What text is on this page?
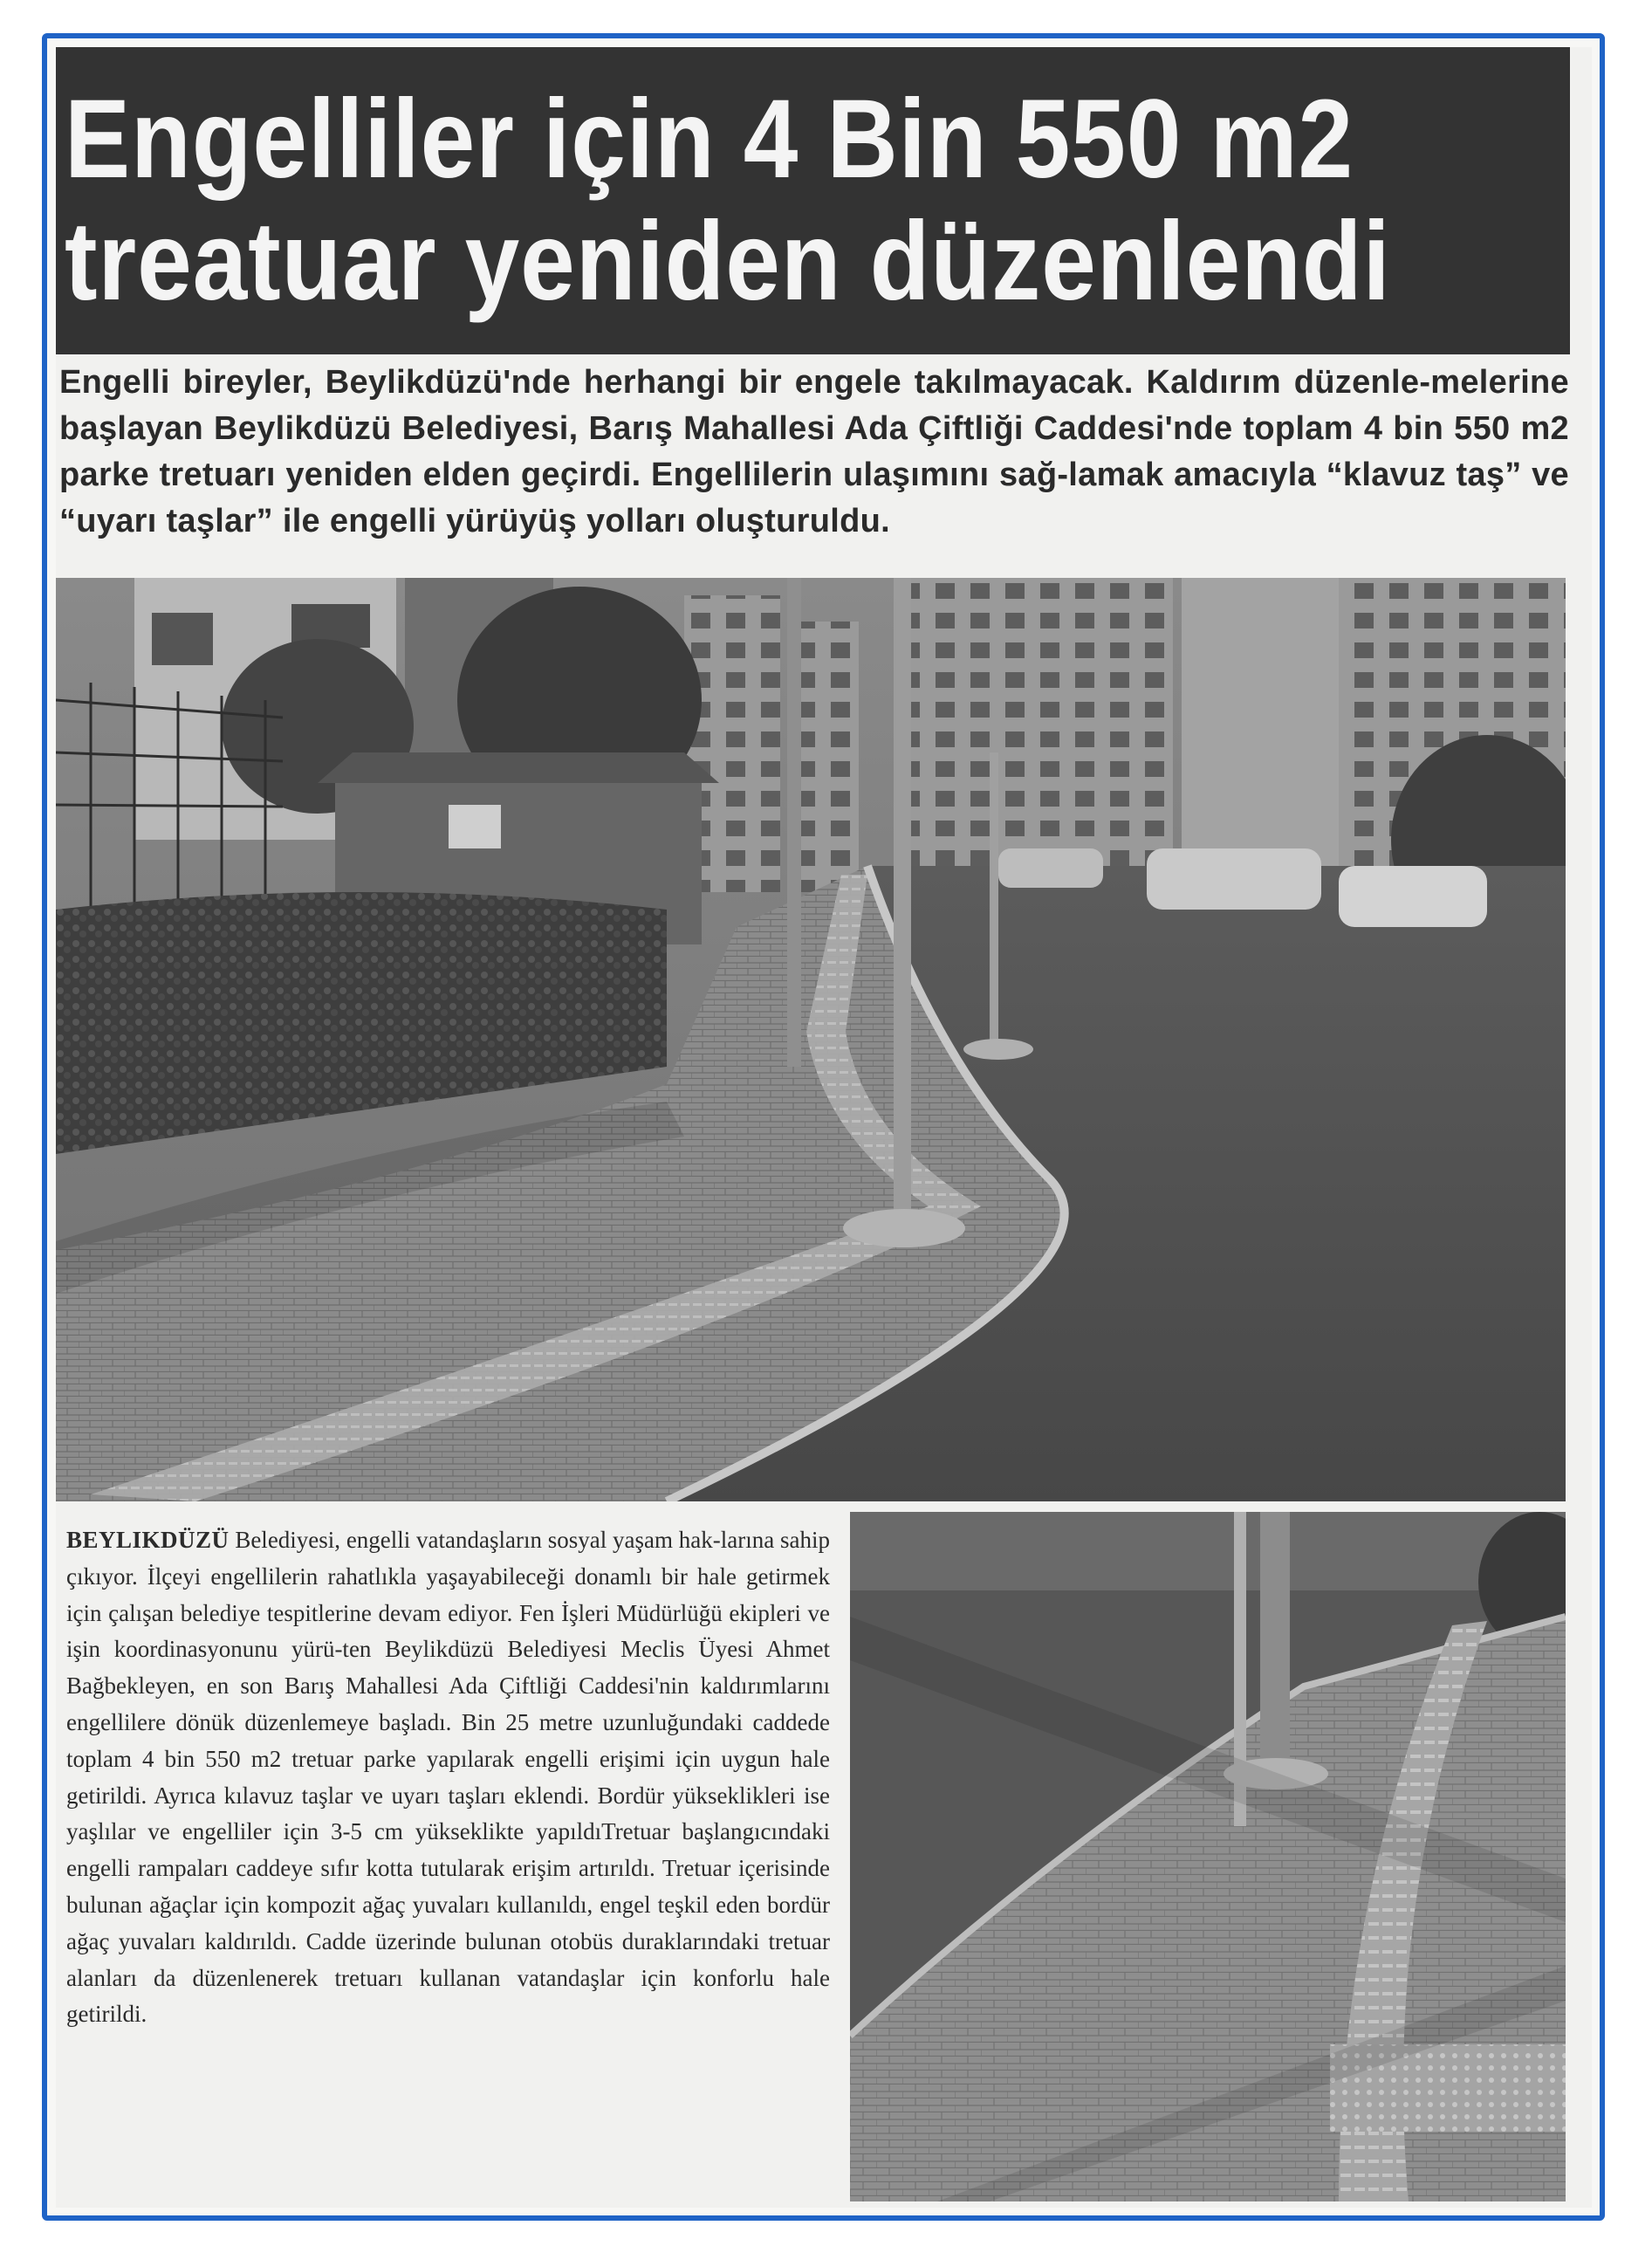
Engelliler için 4 Bin 550 m2
treatuar yeniden düzenlendi
Engelli bireyler, Beylikdüzü'nde herhangi bir engele takılmayacak. Kaldırım düzenle-melerine başlayan Beylikdüzü Belediyesi, Barış Mahallesi Ada Çiftliği Caddesi'nde toplam 4 bin 550 m2 parke tretuarı yeniden elden geçirdi. Engellilerin ulaşımını sağ-lamak amacıyla “klavuz taş” ve “uyarı taşlar” ile engelli yürüyüş yolları oluşturuldu.

BEYLIKDÜZÜ Belediyesi, engelli vatandaşların sosyal yaşam hak-larına sahip çıkıyor. İlçeyi engellilerin rahatlıkla yaşayabileceği donamlı bir hale getirmek için çalışan belediye tespitlerine devam ediyor. Fen İşleri Müdürlüğü ekipleri ve işin koordinasyonunu yürü-ten Beylikdüzü Belediyesi Meclis Üyesi Ahmet Bağbekleyen, en son Barış Mahallesi Ada Çiftliği Caddesi'nin kaldırımlarını engellilere dönük düzenlemeye başladı. Bin 25 metre uzunluğundaki caddede toplam 4 bin 550 m2 tretuar parke yapılarak engelli erişimi için uygun hale getirildi. Ayrıca kılavuz taşlar ve uyarı taşları eklendi. Bordür yükseklikleri ise yaşlılar ve engelliler için 3-5 cm yükseklikte yapıldıTretuar başlangıcındaki engelli rampaları caddeye sıfır kotta tutularak erişim artırıldı. Tretuar içerisinde bulunan ağaçlar için kompozit ağaç yuvaları kullanıldı, engel teşkil eden bordür ağaç yuvaları kaldırıldı. Cadde üzerinde bulunan otobüs duraklarındaki tretuar alanları da düzenlenerek tretuarı kullanan vatandaşlar için konforlu hale getirildi.
